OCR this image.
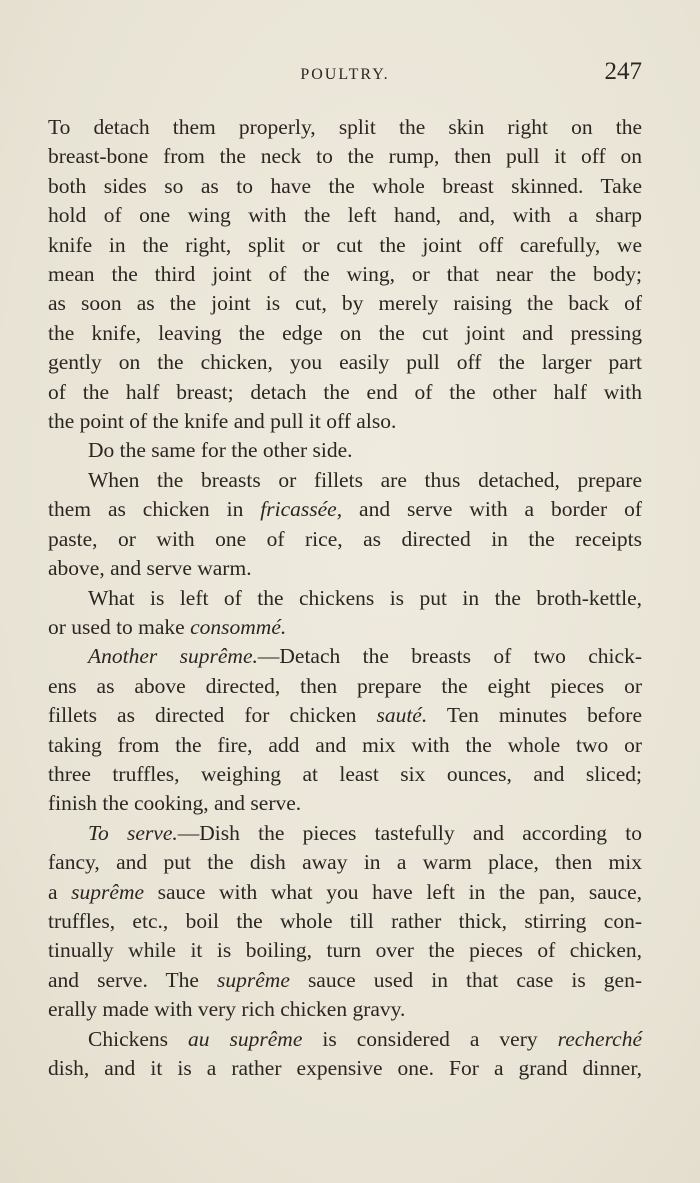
POULTRY.	247
To detach them properly, split the skin right on the
breast-bone from the neck to the rump, then pull it off on
both sides so as to have the whole breast skinned. Take
hold of one wing with the left hand, and, with a sharp
knife in the right, split or cut the joint off carefully, we
mean the third joint of the wing, or that near the body;
as soon as the joint is cut, by merely raising the back of
the knife, leaving the edge on the cut joint and pressing
gently on the chicken, you easily pull off the larger part
of the half breast; detach the end of the other half with
the point of the knife and pull it off also.
Do the same for the other side.
When the breasts or fillets are thus detached, prepare
them as chicken in fricassée, and serve with a border of
paste, or with one of rice, as directed in the receipts
above, and serve warm.
What is left of the chickens is put in the broth-kettle,
or used to make consommé.
Another suprême.—Detach the breasts of two chick-
ens as above directed, then prepare the eight pieces or
fillets as directed for chicken sauté. Ten minutes before
taking from the fire, add and mix with the whole two or
three truffles, weighing at least six ounces, and sliced;
finish the cooking, and serve.
To serve.—Dish the pieces tastefully and according to
fancy, and put the dish away in a warm place, then mix
a suprême sauce with what you have left in the pan, sauce,
truffles, etc., boil the whole till rather thick, stirring con-
tinually while it is boiling, turn over the pieces of chicken,
and serve. The suprême sauce used in that case is gen-
erally made with very rich chicken gravy.
Chickens au suprême is considered a very recherché
dish, and it is a rather expensive one. For a grand dinner,
